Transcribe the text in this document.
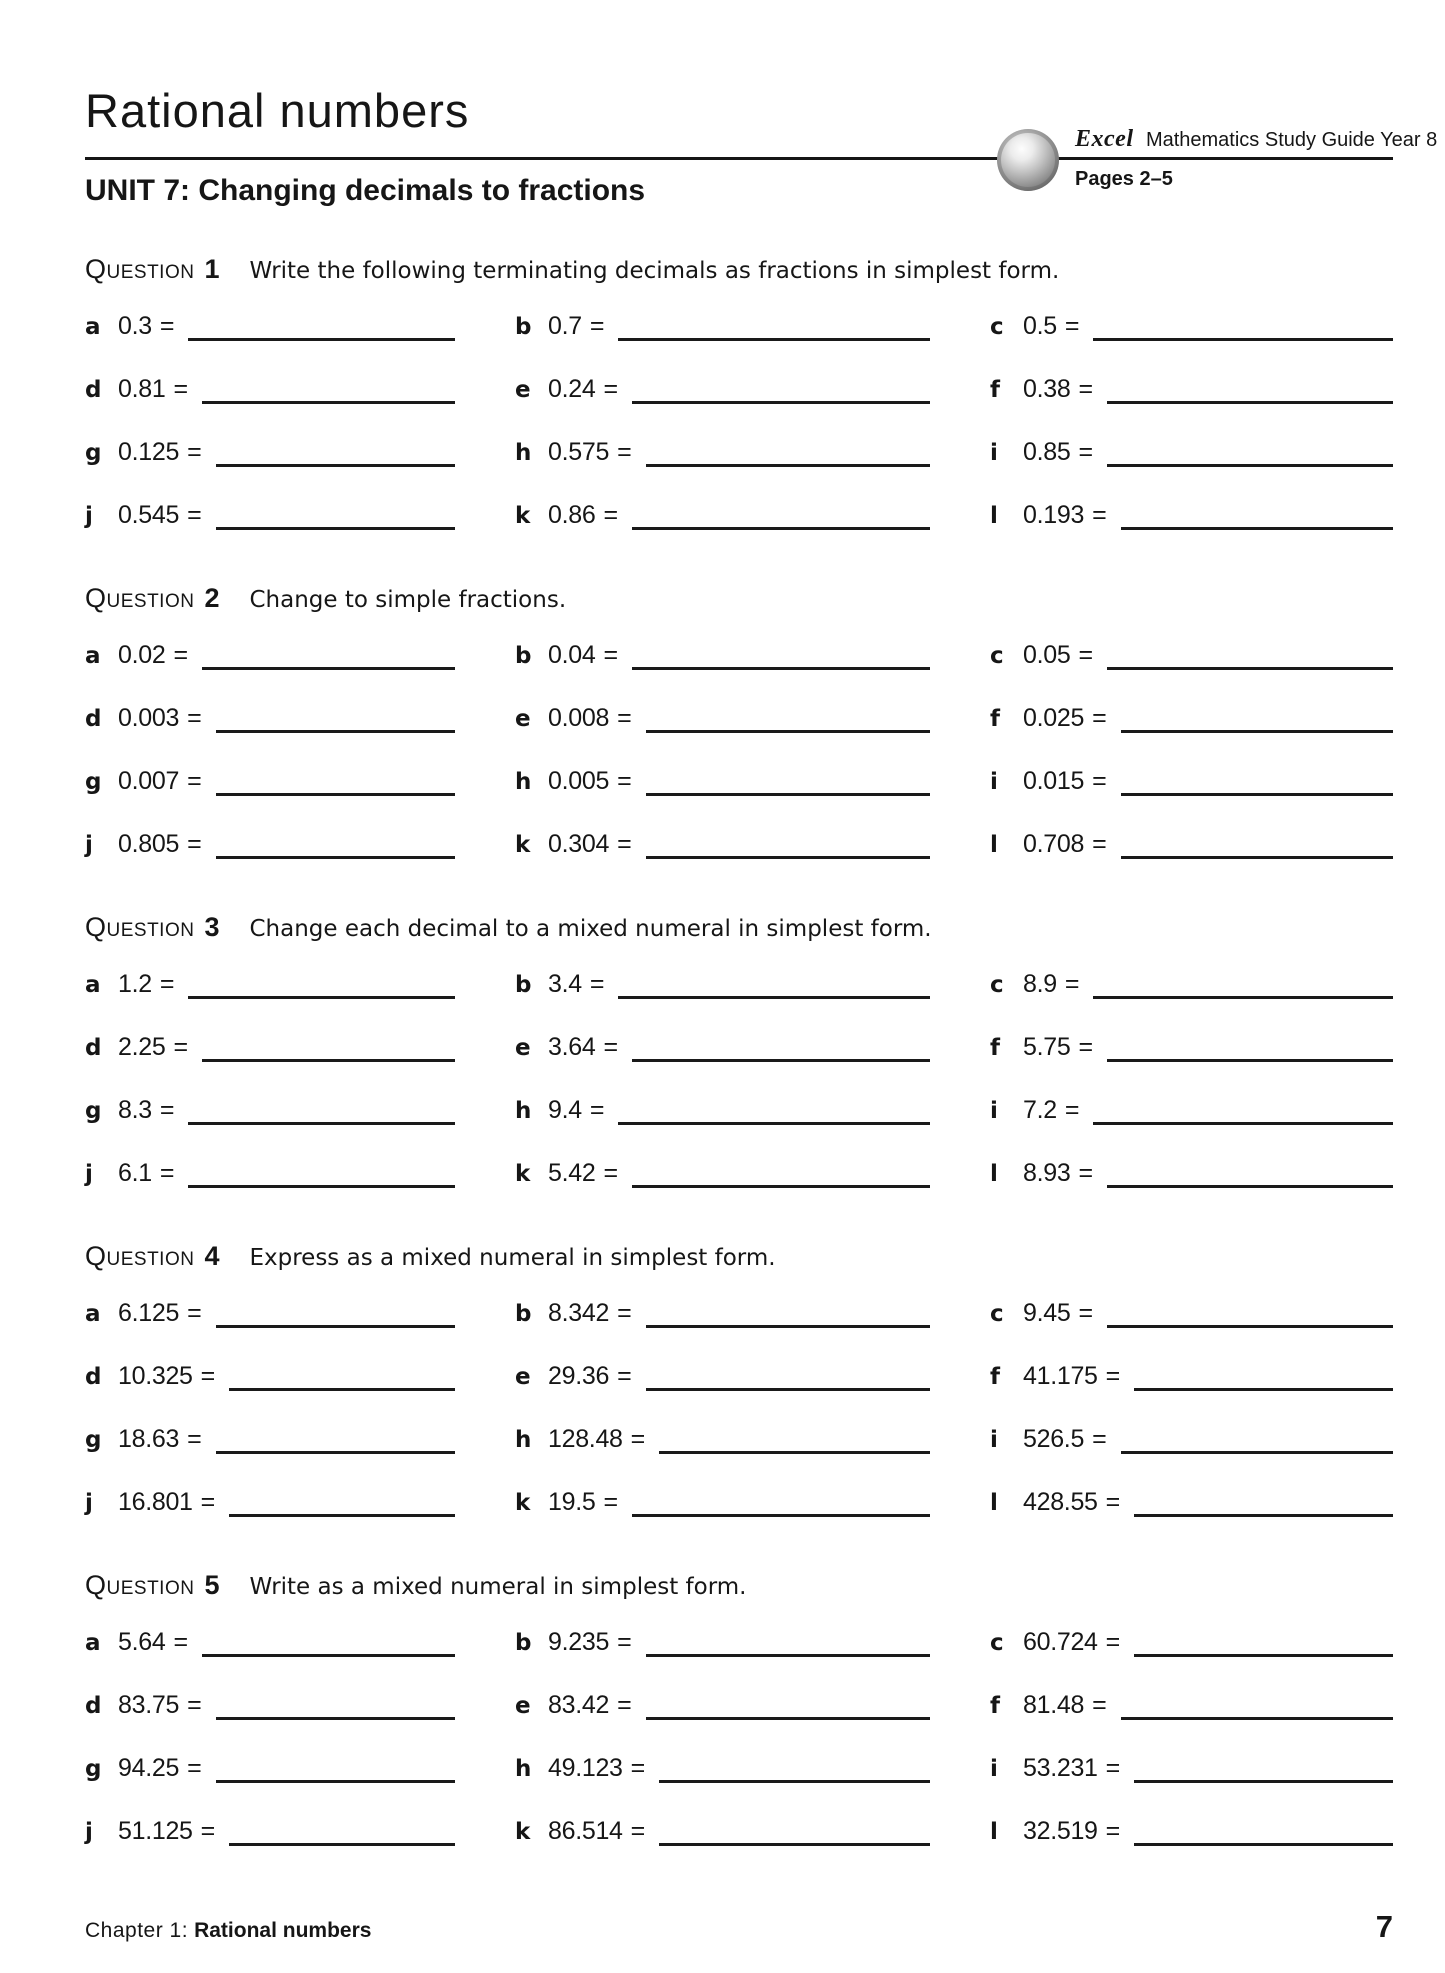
Rational numbers
Excel Mathematics Study Guide Year 8
Pages 2–5
UNIT 7: Changing decimals to fractions
Question 1 Write the following terminating decimals as fractions in simplest form.
a 0.3 =	b 0.7 =	c 0.5 =
d 0.81 =	e 0.24 =	f 0.38 =
g 0.125 =	h 0.575 =	i	0.85 =
j	0.545 =	k 0.86 =	l	0.193 =
Question 2 Change to simple fractions.
a 0.02 =	b 0.04 =	c 0.05 =
d 0.003 =	e 0.008 =	f 0.025 =
g 0.007 =	h 0.005 =	i	0.015 =
j	0.805 =	k 0.304 =	l	0.708 =
Question 3 Change each decimal to a mixed numeral in simplest form.
a 1.2 =	b 3.4 =	c 8.9 =
d 2.25 =	e 3.64 =	f 5.75 =
g 8.3 =	h 9.4 =	i	7.2 =
j	6.1 =	k 5.42 =	l	8.93 =
Question 4 Express as a mixed numeral in simplest form.
a 6.125 =	b 8.342 =	c 9.45 =
d 10.325 =	e 29.36 =	f 41.175 =
g 18.63 =	h 128.48 =	i	526.5 =
j	16.801 =	k 19.5 =	l	428.55 =
Question 5 Write as a mixed numeral in simplest form.
a 5.64 =	b 9.235 =	c 60.724 =
d 83.75 =	e 83.42 =	f 81.48 =
g 94.25 =	h 49.123 =	i	53.231 =
j	51.125 =	k 86.514 =	l	32.519 =
Chapter 1: Rational numbers	7
